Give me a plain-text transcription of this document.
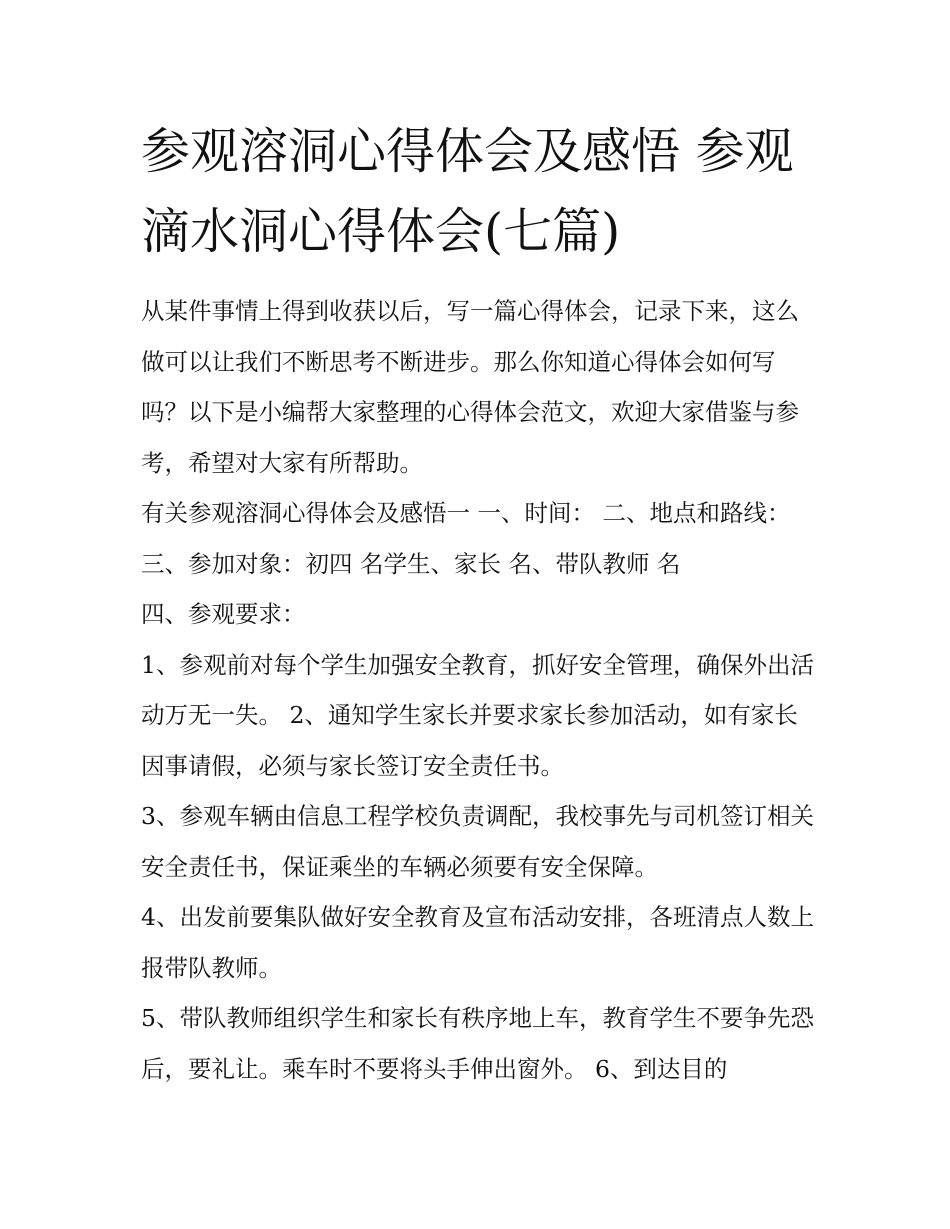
参观溶洞心得体会及感悟 参观滴水洞心得体会(七篇)

从某件事情上得到收获以后，写一篇心得体会，记录下来，这么做可以让我们不断思考不断进步。那么你知道心得体会如何写吗？以下是小编帮大家整理的心得体会范文，欢迎大家借鉴与参考，希望对大家有所帮助。

有关参观溶洞心得体会及感悟一 一、时间： 二、地点和路线： 三、参加对象：初四 名学生、家长 名、带队教师 名

四、参观要求：

1、参观前对每个学生加强安全教育，抓好安全管理，确保外出活动万无一失。 2、通知学生家长并要求家长参加活动，如有家长因事请假，必须与家长签订安全责任书。

3、参观车辆由信息工程学校负责调配，我校事先与司机签订相关安全责任书，保证乘坐的车辆必须要有安全保障。

4、出发前要集队做好安全教育及宣布活动安排，各班清点人数上报带队教师。

5、带队教师组织学生和家长有秩序地上车，教育学生不要争先恐后，要礼让。乘车时不要将头手伸出窗外。 6、到达目的
